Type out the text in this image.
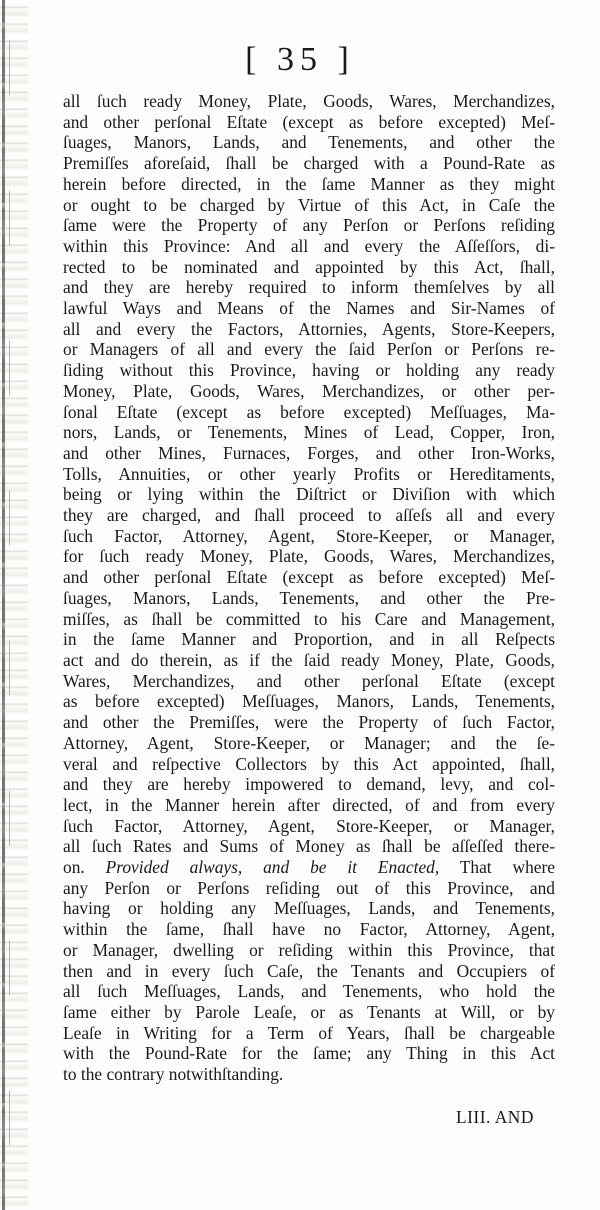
[ 35 ]
all ſuch ready Money, Plate, Goods, Wares, Merchandizes,
and other perſonal Eſtate (except as before excepted) Meſ-
ſuages, Manors, Lands, and Tenements, and other the
Premiſſes aforeſaid, ſhall be charged with a Pound-Rate as
herein before directed, in the ſame Manner as they might
or ought to be charged by Virtue of this Act, in Caſe the
ſame were the Property of any Perſon or Perſons reſiding
within this Province: And all and every the Aſſeſſors, di-
rected to be nominated and appointed by this Act, ſhall,
and they are hereby required to inform themſelves by all
lawful Ways and Means of the Names and Sir-Names of
all and every the Factors, Attornies, Agents, Store-Keepers,
or Managers of all and every the ſaid Perſon or Perſons re-
ſiding without this Province, having or holding any ready
Money, Plate, Goods, Wares, Merchandizes, or other per-
ſonal Eſtate (except as before excepted) Meſſuages, Ma-
nors, Lands, or Tenements, Mines of Lead, Copper, Iron,
and other Mines, Furnaces, Forges, and other Iron-Works,
Tolls, Annuities, or other yearly Profits or Hereditaments,
being or lying within the Diſtrict or Diviſion with which
they are charged, and ſhall proceed to aſſeſs all and every
ſuch Factor, Attorney, Agent, Store-Keeper, or Manager,
for ſuch ready Money, Plate, Goods, Wares, Merchandizes,
and other perſonal Eſtate (except as before excepted) Meſ-
ſuages, Manors, Lands, Tenements, and other the Pre-
miſſes, as ſhall be committed to his Care and Management,
in the ſame Manner and Proportion, and in all Reſpects
act and do therein, as if the ſaid ready Money, Plate, Goods,
Wares, Merchandizes, and other perſonal Eſtate (except
as before excepted) Meſſuages, Manors, Lands, Tenements,
and other the Premiſſes, were the Property of ſuch Factor,
Attorney, Agent, Store-Keeper, or Manager; and the ſe-
veral and reſpective Collectors by this Act appointed, ſhall,
and they are hereby impowered to demand, levy, and col-
lect, in the Manner herein after directed, of and from every
ſuch Factor, Attorney, Agent, Store-Keeper, or Manager,
all ſuch Rates and Sums of Money as ſhall be aſſeſſed there-
on. Provided always, and be it Enacted, That where
any Perſon or Perſons reſiding out of this Province, and
having or holding any Meſſuages, Lands, and Tenements,
within the ſame, ſhall have no Factor, Attorney, Agent,
or Manager, dwelling or reſiding within this Province, that
then and in every ſuch Caſe, the Tenants and Occupiers of
all ſuch Meſſuages, Lands, and Tenements, who hold the
ſame either by Parole Leaſe, or as Tenants at Will, or by
Leaſe in Writing for a Term of Years, ſhall be chargeable
with the Pound-Rate for the ſame; any Thing in this Act
to the contrary notwithſtanding.
LIII. AND
